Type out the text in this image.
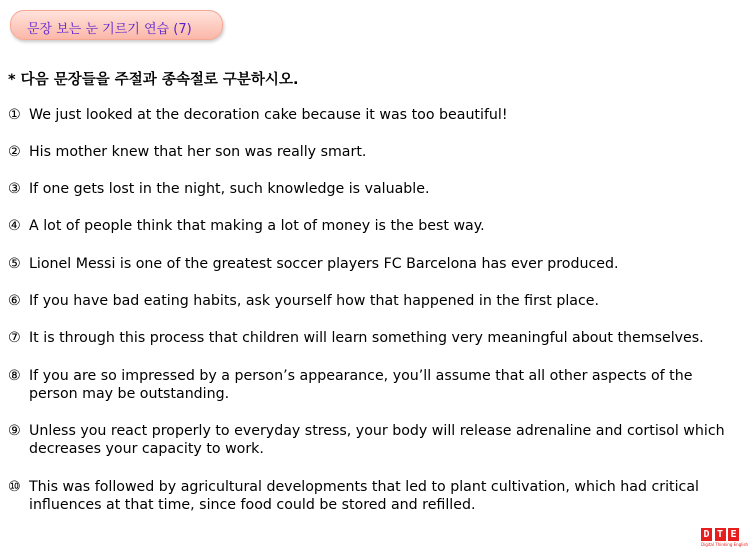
문장 보는 눈 기르기 연습 (7)
* 다음 문장들을 주절과 종속절로 구분하시오.
① We just looked at the decoration cake because it was too beautiful!
② His mother knew that her son was really smart.
③ If one gets lost in the night, such knowledge is valuable.
④ A lot of people think that making a lot of money is the best way.
⑤ Lionel Messi is one of the greatest soccer players FC Barcelona has ever produced.
⑥ If you have bad eating habits, ask yourself how that happened in the first place.
⑦ It is through this process that children will learn something very meaningful about themselves.
⑧ If you are so impressed by a person’s appearance, you’ll assume that all other aspects of the
person may be outstanding.
⑨ Unless you react properly to everyday stress, your body will release adrenaline and cortisol which
decreases your capacity to work.
⑩ This was followed by agricultural developments that led to plant cultivation, which had critical
influences at that time, since food could be stored and refilled.
D T E
Digital Thinking English
